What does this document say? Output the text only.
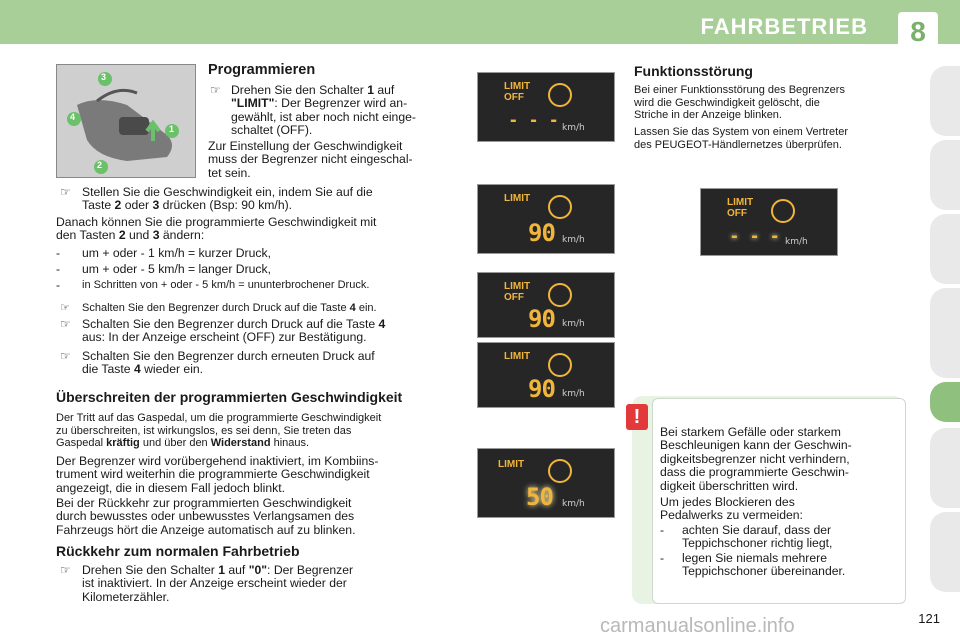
FAHRBETRIEB	8
3
4
1
2
Programmieren
☞ Drehen Sie den Schalter 1 auf
"LIMIT": Der Begrenzer wird an-
gewählt, ist aber noch nicht einge-
schaltet (OFF).
Zur Einstellung der Geschwindigkeit
muss der Begrenzer nicht eingeschal-
tet sein.
☞ Stellen Sie die Geschwindigkeit ein, indem Sie auf die
Taste 2 oder 3 drücken (Bsp: 90 km/h).
Danach können Sie die programmierte Geschwindigkeit mit
den Tasten 2 und 3 ändern:
- um + oder - 1 km/h = kurzer Druck,
- um + oder - 5 km/h = langer Druck,
- in Schritten von + oder - 5 km/h = ununterbrochener Druck.
☞ Schalten Sie den Begrenzer durch Druck auf die Taste 4 ein.
☞ Schalten Sie den Begrenzer durch Druck auf die Taste 4
aus: In der Anzeige erscheint (OFF) zur Bestätigung.
☞ Schalten Sie den Begrenzer durch erneuten Druck auf
die Taste 4 wieder ein.
Überschreiten der programmierten Geschwindigkeit
Der Tritt auf das Gaspedal, um die programmierte Geschwindigkeit
zu überschreiten, ist wirkungslos, es sei denn, Sie treten das
Gaspedal kräftig und über den Widerstand hinaus.
Der Begrenzer wird vorübergehend inaktiviert, im Kombiins-
trument wird weiterhin die programmierte Geschwindigkeit
angezeigt, die in diesem Fall jedoch blinkt.
Bei der Rückkehr zur programmierten Geschwindigkeit
durch bewusstes oder unbewusstes Verlangsamen des
Fahrzeugs hört die Anzeige automatisch auf zu blinken.
Rückkehr zum normalen Fahrbetrieb
☞ Drehen Sie den Schalter 1 auf "0": Der Begrenzer
ist inaktiviert. In der Anzeige erscheint wieder der
Kilometerzähler.
LIMIT
OFF
- - - km/h
LIMIT
90 km/h
LIMIT
OFF
90 km/h
LIMIT
90 km/h
LIMIT
50 km/h
Funktionsstörung
Bei einer Funktionsstörung des Begrenzers
wird die Geschwindigkeit gelöscht, die
Striche in der Anzeige blinken.
Lassen Sie das System von einem Vertreter
des PEUGEOT-Händlernetzes überprüfen.
LIMIT
OFF
- - - km/h
!
Bei starkem Gefälle oder starkem
Beschleunigen kann der Geschwin-
digkeitsbegrenzer nicht verhindern,
dass die programmierte Geschwin-
digkeit überschritten wird.
Um jedes Blockieren des
Pedalwerks zu vermeiden:
- achten Sie darauf, dass der
Teppichschoner richtig liegt,
- legen Sie niemals mehrere
Teppichschoner übereinander.
121
carmanualsonline.info
